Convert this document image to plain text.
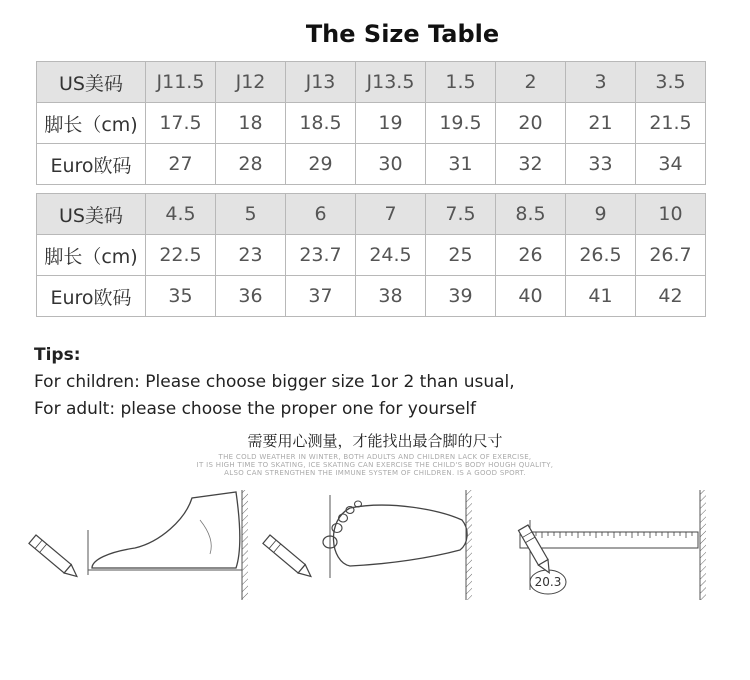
The Size Table
US美码	J11.5	J12	J13	J13.5	1.5	2	3	3.5
脚长（cm)	17.5	18	18.5	19	19.5	20	21	21.5
Euro欧码	27	28	29	30	31	32	33	34
US美码	4.5	5	6	7	7.5	8.5	9	10
脚长（cm)	22.5	23	23.7	24.5	25	26	26.5	26.7
Euro欧码	35	36	37	38	39	40	41	42
Tips:
For children: Please choose bigger size 1or 2 than usual,
For adult: please choose the proper one for yourself
需要用心测量，才能找出最合脚的尺寸
THE COLD WEATHER IN WINTER, BOTH ADULTS AND CHILDREN LACK OF EXERCISE,
IT IS HIGH TIME TO SKATING, ICE SKATING CAN EXERCISE THE CHILD'S BODY HOUGH QUALITY,
ALSO CAN STRENGTHEN THE IMMUNE SYSTEM OF CHILDREN. IS A GOOD SPORT.
20.3
